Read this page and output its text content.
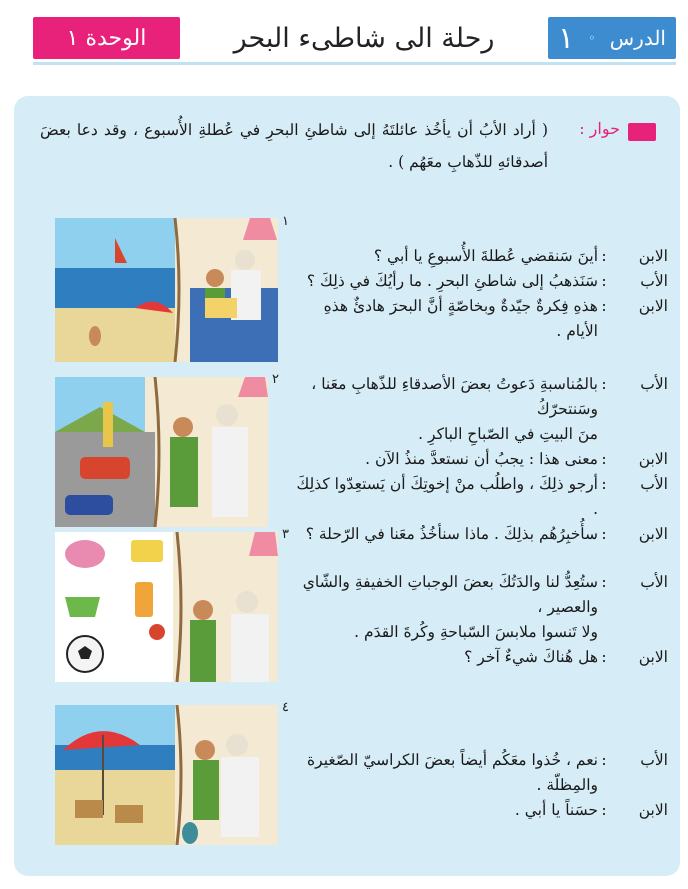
الوحدة ١	رحلة الى شاطىء البحر	الدرس
◦
١
حوار :
( أراد الأبُ أن يأخُذ عائلتَهُ إلى شاطئِ البحرِ في عُطلةِ الأُسبوع ، وقد دعا بعضَ أصدقائهِ للذّهابِ معَهُم ) .
١
٢
٣
٤
الابن
:
أينَ سَنقضي عُطلةَ الأُسبوعِ يا أبي ؟
الأب
:
سَنَذهبُ إلى شاطئِ البحرِ . ما رأيُكَ في ذلِكَ ؟
الابن
:
هذهِ فِكرةٌ جيّدةٌ وبخاصّةٍ أنَّ البحرَ هادئٌ هذهِ الأيام .
الأب
:
بالمُناسبةِ دَعوتُ بعضَ الأصدقاءِ للذّهابِ معَنا ، وسَنتحرّكُ
منَ البيتِ في الصّباحِ الباكرِ .
الابن
:
معنى هذا : يجبُ أن نستعدَّ منذُ الآن .
الأب
:
أرجو ذلِكَ ، واطلُب منْ إخوتِكَ أن يَستعِدّوا كذلِكَ .
الابن
:
سأُخبِرُهُم بذلِكَ . ماذا سنأخُذُ معَنا في الرّحلة ؟
الأب
:
ستُعِدُّ لنا والدَتُكَ بعضَ الوجباتِ الخفيفةِ والشّاي والعصير ،
ولا تَنسوا ملابسَ السّباحةِ وكُرةَ القدَم .
الابن
:
هل هُناكَ شيءٌ آخر ؟
الأب
:
نعم ، خُذوا معَكُم أيضاً بعضَ الكراسيّ الصّغيرة
والمِظلّة .
الابن
:
حسَناً يا أبي .
